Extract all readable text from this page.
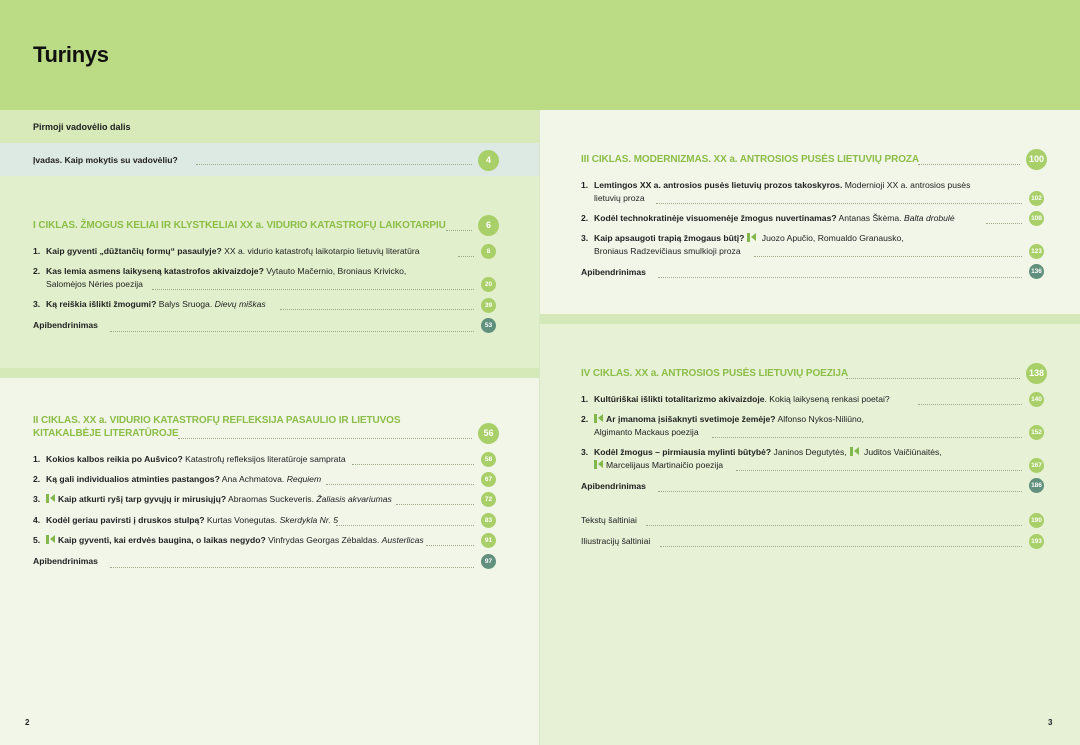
Turinys
Pirmoji vadovėlio dalis
Įvadas. Kaip mokytis su vadovėliu?	4
I CIKLAS. ŽMOGUS KELIAI IR KLYSTKELIAI XX a. VIDURIO KATASTROFŲ LAIKOTARPIU	6
1. Kaip gyventi „dūžtančių formų“ pasaulyje? XX a. vidurio katastrofų laikotarpio lietuvių literatūra	8
2. Kas lemia asmens laikyseną katastrofos akivaizdoje? Vytauto Mačernio, Broniaus Krivicko,
Salomėjos Nėries poezija	20
3. Ką reiškia išlikti žmogumi? Balys Sruoga. Dievų miškas	39
Apibendrinimas	53
II CIKLAS. XX a. VIDURIO KATASTROFŲ REFLEKSIJA PASAULIO IR LIETUVOS
KITAKALBĖJE LITERATŪROJE	56
1. Kokios kalbos reikia po Aušvico? Katastrofų refleksijos literatūroje samprata	58
2. Ką gali individualios atminties pastangos? Ana Achmatova. Requiem	67
3. Kaip atkurti ryšį tarp gyvųjų ir mirusiųjų? Abraomas Suckeveris. Žaliasis akvariumas	72
4. Kodėl geriau pavirsti į druskos stulpą? Kurtas Vonegutas. Skerdykla Nr. 5	83
5. Kaip gyventi, kai erdvės baugina, o laikas negydo? Vinfrydas Georgas Zėbaldas. Austerlicas	91
Apibendrinimas	97
III CIKLAS. MODERNIZMAS. XX a. ANTROSIOS PUSĖS LIETUVIŲ PROZA	100
1. Lemtingos XX a. antrosios pusės lietuvių prozos takoskyros. Modernioji XX a. antrosios pusės
lietuvių proza	102
2. Kodėl technokratinėje visuomenėje žmogus nuvertinamas? Antanas Škėma. Balta drobulė	108
3. Kaip apsaugoti trapią žmogaus būtį? Juozo Apučio, Romualdo Granausko,
Broniaus Radzevičiaus smulkioji proza	123
Apibendrinimas	136
IV CIKLAS. XX a. ANTROSIOS PUSĖS LIETUVIŲ POEZIJA	138
1. Kultūriškai išlikti totalitarizmo akivaizdoje. Kokią laikyseną renkasi poetai?	140
2. Ar įmanoma įsišaknyti svetimoje žemėje? Alfonso Nykos-Niliūno,
Algimanto Mackaus poezija	152
3. Kodėl žmogus – pirmiausia mylinti būtybė? Janinos Degutytės, Juditos Vaičiūnaitės,
Marcelijaus Martinaičio poezija	167
Apibendrinimas	186
Tekstų šaltiniai	190
Iliustracijų šaltiniai	193
2	3
